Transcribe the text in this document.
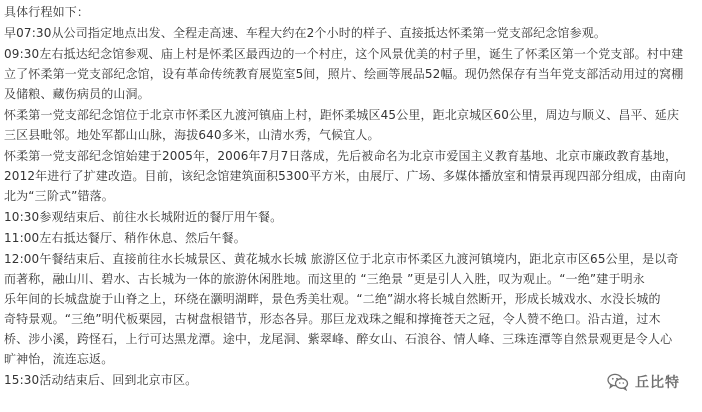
具体行程如下：
早07:30从公司指定地点出发、全程走高速、车程大约在2个小时的样子、直接抵达怀柔第一党支部纪念馆参观。
09:30左右抵达纪念馆参观、庙上村是怀柔区最西边的一个村庄，这个风景优美的村子里，诞生了怀柔区第一个党支部。村中建
立了怀柔第一党支部纪念馆，设有革命传统教育展览室5间，照片、绘画等展品52幅。现仍然保存有当年党支部活动用过的窝棚
及储粮、藏伤病员的山洞。
怀柔第一党支部纪念馆位于北京市怀柔区九渡河镇庙上村，距怀柔城区45公里，距北京城区60公里，周边与顺义、昌平、延庆
三区县毗邻。地处军都山山脉，海拔640多米，山清水秀，气候宜人。
怀柔第一党支部纪念馆始建于2005年，2006年7月7日落成，先后被命名为北京市爱国主义教育基地、北京市廉政教育基地，
2012年进行了扩建改造。目前，该纪念馆建筑面积5300平方米，由展厅、广场、多媒体播放室和情景再现四部分组成，由南向
北为“三阶式”错落。
10:30参观结束后、前往水长城附近的餐厅用午餐。
11:00左右抵达餐厅、稍作休息、然后午餐。
12:00午餐结束后、直接前往水长城景区、黄花城水长城 旅游区位于北京市怀柔区九渡河镇境内，距北京市区65公里，是以奇
而著称，融山川、碧水、古长城为一体的旅游休闲胜地。而这里的 “三绝景 ”更是引人入胜，叹为观止。“一绝”建于明永
乐年间的长城盘旋于山脊之上，环绕在灏明湖畔，景色秀美壮观。“二绝”湖水将长城自然断开，形成长城戏水、水没长城的
奇特景观。“三绝”明代板栗园，古树盘根错节，形态各异。那巨龙戏珠之鲲和撑掩苍天之冠，令人赞不绝口。沿古道，过木
桥、涉小溪，跨怪石，上行可达黑龙潭。途中，龙尾洞、紫翠峰、醉女山、石浪谷、情人峰、三珠连潭等自然景观更是令人心
旷神怡，流连忘返。
15:30活动结束后、回到北京市区。	丘比特
